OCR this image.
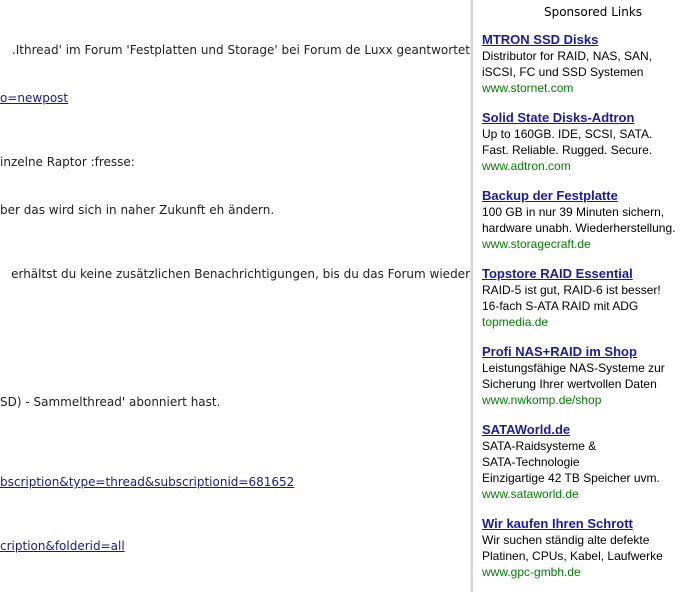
Ithread' im Forum 'Festplatten und Storage' bei Forum de Luxx geantwortet.
o=newpost
inzelne Raptor :fresse:
ber das wird sich in naher Zukunft eh ändern.
erhältst du keine zusätzlichen Benachrichtigungen, bis du das Forum wieder
SD) - Sammelthread' abonniert hast.
bscription&type=thread&subscriptionid=681652
cription&folderid=all
Sponsored Links
MTRON SSD Disks
Distributor for RAID, NAS, SAN,
iSCSI, FC und SSD Systemen
www.stornet.com
Solid State Disks-Adtron
Up to 160GB. IDE, SCSI, SATA.
Fast. Reliable. Rugged. Secure.
www.adtron.com
Backup der Festplatte
100 GB in nur 39 Minuten sichern,
hardware unabh. Wiederherstellung.
www.storagecraft.de
Topstore RAID Essential
RAID-5 ist gut, RAID-6 ist besser!
16-fach S-ATA RAID mit ADG
topmedia.de
Profi NAS+RAID im Shop
Leistungsfähige NAS-Systeme zur
Sicherung Ihrer wertvollen Daten
www.nwkomp.de/shop
SATAWorld.de
SATA-Raidsysteme &
SATA-Technologie
Einzigartige 42 TB Speicher uvm.
www.sataworld.de
Wir kaufen Ihren Schrott
Wir suchen ständig alte defekte
Platinen, CPUs, Kabel, Laufwerke
www.gpc-gmbh.de
